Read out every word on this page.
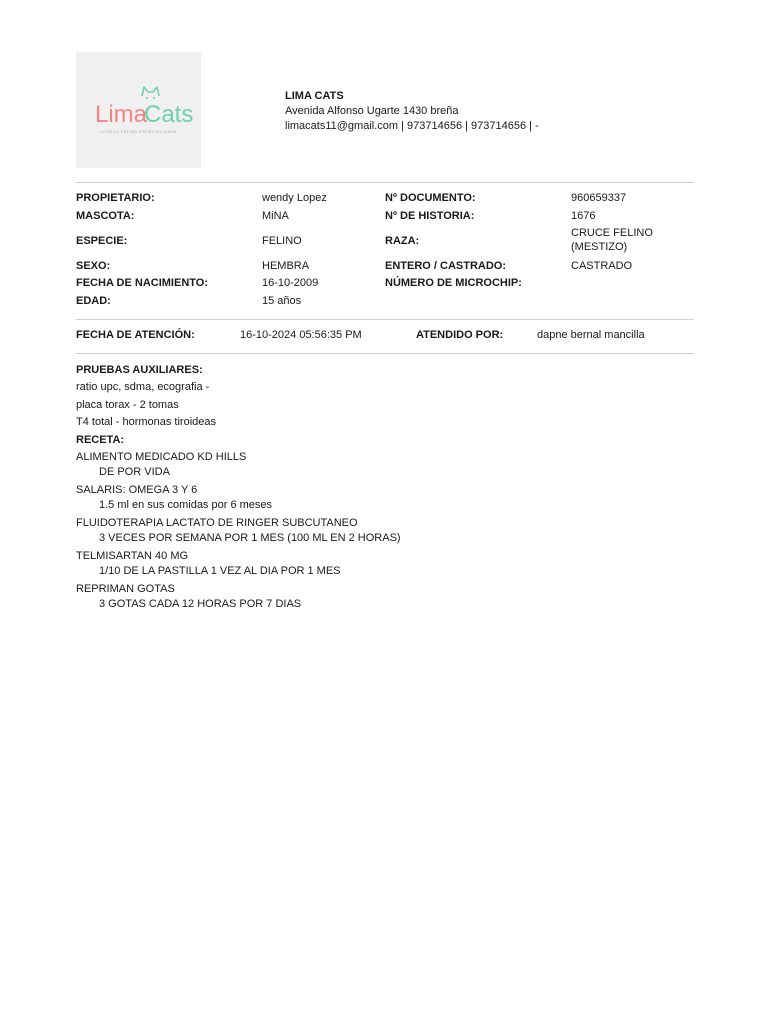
Lima
Cats
CLÍNICA FELINA ESPECIALIZADA
LIMA CATS
Avenida Alfonso Ugarte 1430 breña
limacats11@gmail.com | 973714656 | 973714656 | -
PROPIETARIO:	wendy Lopez	Nº DOCUMENTO:	960659337
MASCOTA:	MiNA	Nº DE HISTORIA:	1676
ESPECIE:	FELINO	RAZA:
CRUCE FELINO
(MESTIZO)
SEXO:	HEMBRA	ENTERO / CASTRADO:	CASTRADO
FECHA DE NACIMIENTO:	16-10-2009	NÚMERO DE MICROCHIP:
EDAD:	15 años
FECHA DE ATENCIÓN:	16-10-2024 05:56:35 PM	ATENDIDO POR:	dapne bernal mancilla
PRUEBAS AUXILIARES:
ratio upc, sdma, ecografia -
placa torax - 2 tomas
T4 total - hormonas tiroideas
RECETA:
ALIMENTO MEDICADO KD HILLS
DE POR VIDA
SALARIS: OMEGA 3 Y 6
1.5 ml en sus comidas por 6 meses
FLUIDOTERAPIA LACTATO DE RINGER SUBCUTANEO
3 VECES POR SEMANA POR 1 MES (100 ML EN 2 HORAS)
TELMISARTAN 40 MG
1/10 DE LA PASTILLA 1 VEZ AL DIA POR 1 MES
REPRIMAN GOTAS
3 GOTAS CADA 12 HORAS POR 7 DIAS
